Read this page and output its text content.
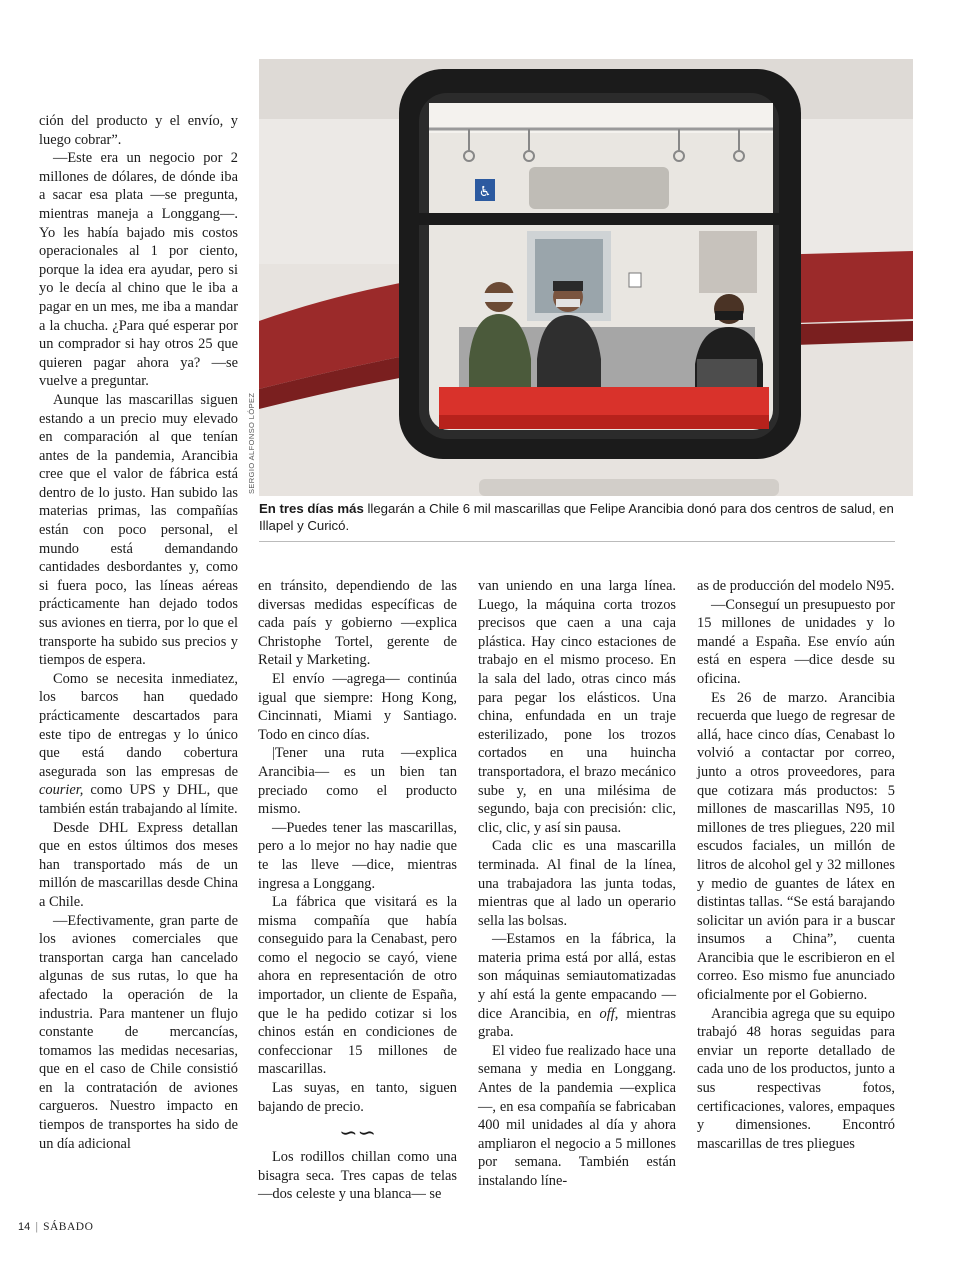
♿
SERGIO ALFONSO LÓPEZ
En tres días más llegarán a Chile 6 mil mascarillas que Felipe Arancibia donó para dos centros de salud, en Illapel y Curicó.

ción del producto y el envío, y luego cobrar”.

—Este era un negocio por 2 millones de dólares, de dónde iba a sacar esa plata —se pregunta, mientras maneja a Longgang—. Yo les había bajado mis costos operacionales al 1 por ciento, porque la idea era ayudar, pero si yo le decía al chino que le iba a pagar en un mes, me iba a mandar a la chucha. ¿Para qué esperar por un comprador si hay otros 25 que quieren pagar ahora ya? —se vuelve a preguntar.

Aunque las mascarillas siguen estando a un precio muy elevado en comparación al que tenían antes de la pandemia, Arancibia cree que el valor de fábrica está dentro de lo justo. Han subido las materias primas, las compañías están con poco personal, el mundo está demandando cantidades desbordantes y, como si fuera poco, las líneas aéreas prácticamente han dejado todos sus aviones en tierra, por lo que el transporte ha subido sus precios y tiempos de espera.

Como se necesita inmediatez, los barcos han quedado prácticamente descartados para este tipo de entregas y lo único que está dando cobertura asegurada son las empresas de courier, como UPS y DHL, que también están trabajando al límite.

Desde DHL Express detallan que en estos últimos dos meses han transportado más de un millón de mascarillas desde China a Chile.

—Efectivamente, gran parte de los aviones comerciales que transportan carga han cancelado algunas de sus rutas, lo que ha afectado la operación de la industria. Para mantener un flujo constante de mercancías, tomamos las medidas necesarias, que en el caso de Chile consistió en la contratación de aviones cargueros. Nuestro impacto en tiempos de transportes ha sido de un día adicional

en tránsito, dependiendo de las diversas medidas específicas de cada país y gobierno —explica Christophe Tortel, gerente de Retail y Marketing.

El envío —agrega— continúa igual que siempre: Hong Kong, Cincinnati, Miami y Santiago. Todo en cinco días.

|Tener una ruta —explica Arancibia— es un bien tan preciado como el producto mismo.

—Puedes tener las mascarillas, pero a lo mejor no hay nadie que te las lleve —dice, mientras ingresa a Longgang.

La fábrica que visitará es la misma compañía que había conseguido para la Cenabast, pero como el negocio se cayó, viene ahora en representación de otro importador, un cliente de España, que le ha pedido cotizar si los chinos están en condiciones de confeccionar 15 millones de mascarillas.

Las suyas, en tanto, siguen bajando de precio.

∽∽

Los rodillos chillan como una bisagra seca. Tres capas de telas —dos celeste y una blanca— se

van uniendo en una larga línea. Luego, la máquina corta trozos precisos que caen a una caja plástica. Hay cinco estaciones de trabajo en el mismo proceso. En la sala del lado, otras cinco más para pegar los elásticos. Una china, enfundada en un traje esterilizado, pone los trozos cortados en una huincha transportadora, el brazo mecánico sube y, en una milésima de segundo, baja con precisión: clic, clic, clic, y así sin pausa.

Cada clic es una mascarilla terminada. Al final de la línea, una trabajadora las junta todas, mientras que al lado un operario sella las bolsas.

—Estamos en la fábrica, la materia prima está por allá, estas son máquinas semiautomatizadas y ahí está la gente empacando —dice Arancibia, en off, mientras graba.

El video fue realizado hace una semana y media en Longgang. Antes de la pandemia —explica—, en esa compañía se fabricaban 400 mil unidades al día y ahora ampliaron el negocio a 5 millones por semana. También están instalando líne-

as de producción del modelo N95.

—Conseguí un presupuesto por 15 millones de unidades y lo mandé a España. Ese envío aún está en espera —dice desde su oficina.

Es 26 de marzo. Arancibia recuerda que luego de regresar de allá, hace cinco días, Cenabast lo volvió a contactar por correo, junto a otros proveedores, para que cotizara más productos: 5 millones de mascarillas N95, 10 millones de tres pliegues, 220 mil escudos faciales, un millón de litros de alcohol gel y 32 millones y medio de guantes de látex en distintas tallas. “Se está barajando solicitar un avión para ir a buscar insumos a China”, cuenta Arancibia que le escribieron en el correo. Eso mismo fue anunciado oficialmente por el Gobierno.

Arancibia agrega que su equipo trabajó 48 horas seguidas para enviar un reporte detallado de cada uno de los productos, junto a sus respectivas fotos, certificaciones, valores, empaques y dimensiones. Encontró mascarillas de tres pliegues

14 | SÁBADO
